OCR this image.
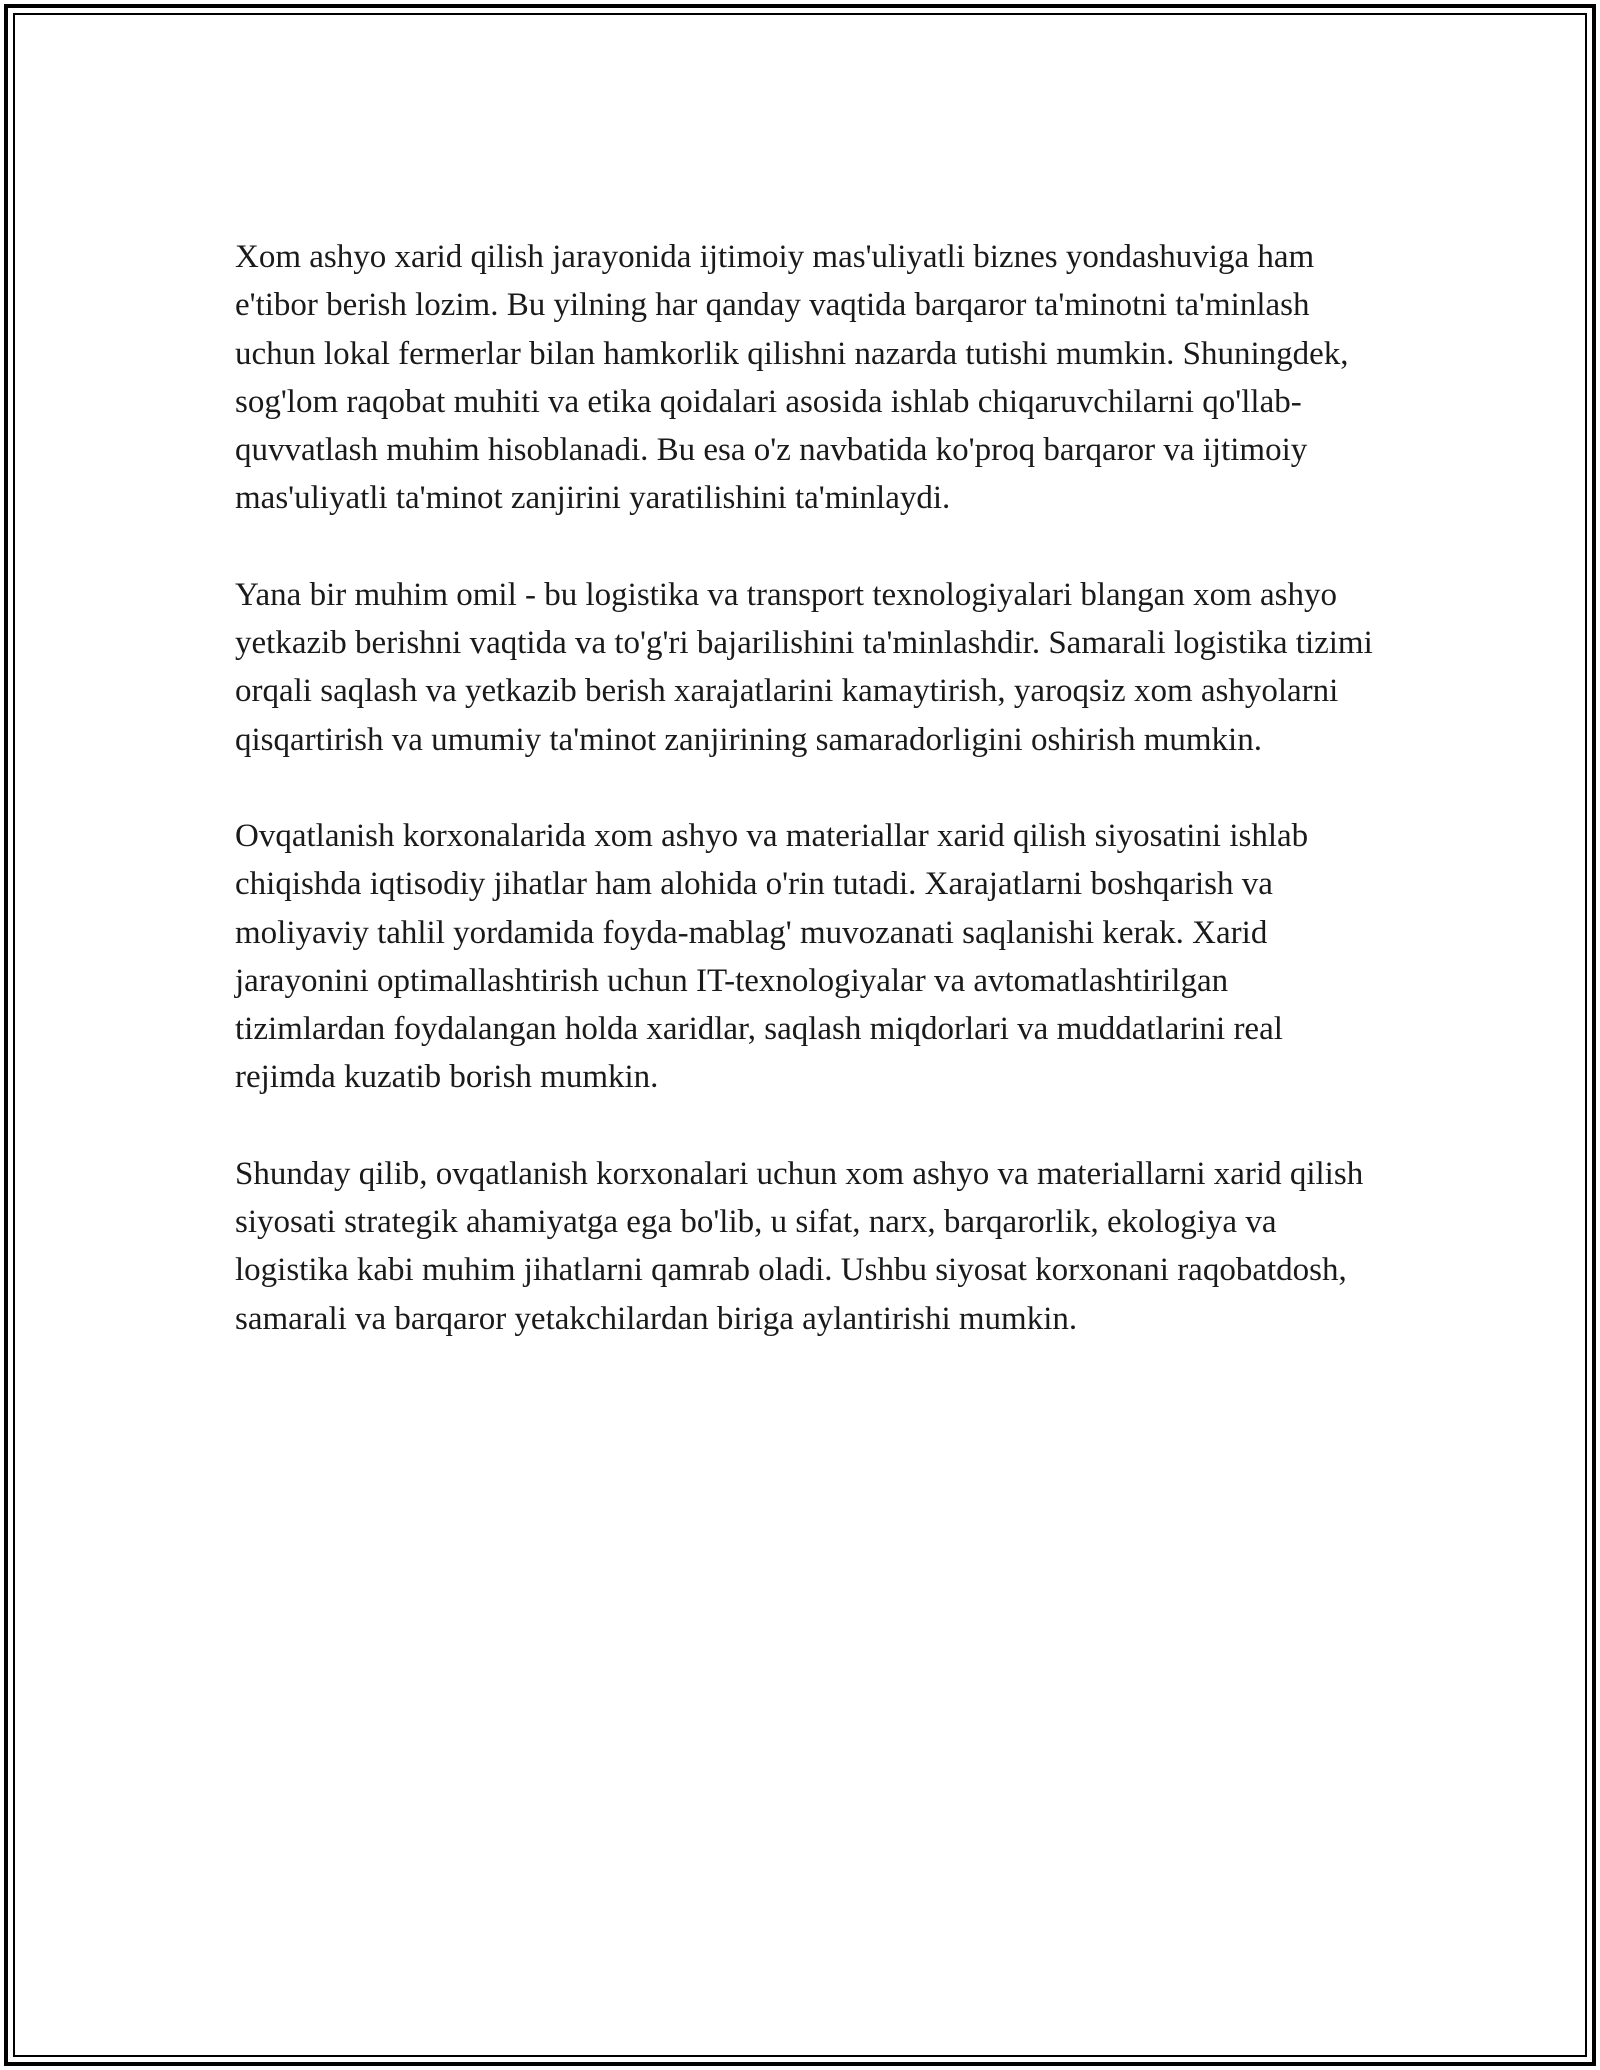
Xom ashyo xarid qilish jarayonida ijtimoiy mas'uliyatli biznes yondashuviga ham e'tibor berish lozim. Bu yilning har qanday vaqtida barqaror ta'minotni ta'minlash uchun lokal fermerlar bilan hamkorlik qilishni nazarda tutishi mumkin. Shuningdek, sog'lom raqobat muhiti va etika qoidalari asosida ishlab chiqaruvchilarni qo'llab-quvvatlash muhim hisoblanadi. Bu esa o'z navbatida ko'proq barqaror va ijtimoiy mas'uliyatli ta'minot zanjirini yaratilishini ta'minlaydi.

Yana bir muhim omil - bu logistika va transport texnologiyalari blangan xom ashyo yetkazib berishni vaqtida va to'g'ri bajarilishini ta'minlashdir. Samarali logistika tizimi orqali saqlash va yetkazib berish xarajatlarini kamaytirish, yaroqsiz xom ashyolarni qisqartirish va umumiy ta'minot zanjirining samaradorligini oshirish mumkin.

Ovqatlanish korxonalarida xom ashyo va materiallar xarid qilish siyosatini ishlab chiqishda iqtisodiy jihatlar ham alohida o'rin tutadi. Xarajatlarni boshqarish va moliyaviy tahlil yordamida foyda-mablag' muvozanati saqlanishi kerak. Xarid jarayonini optimallashtirish uchun IT-texnologiyalar va avtomatlashtirilgan tizimlardan foydalangan holda xaridlar, saqlash miqdorlari va muddatlarini real rejimda kuzatib borish mumkin.

Shunday qilib, ovqatlanish korxonalari uchun xom ashyo va materiallarni xarid qilish siyosati strategik ahamiyatga ega bo'lib, u sifat, narx, barqarorlik, ekologiya va logistika kabi muhim jihatlarni qamrab oladi. Ushbu siyosat korxonani raqobatdosh, samarali va barqaror yetakchilardan biriga aylantirishi mumkin.
